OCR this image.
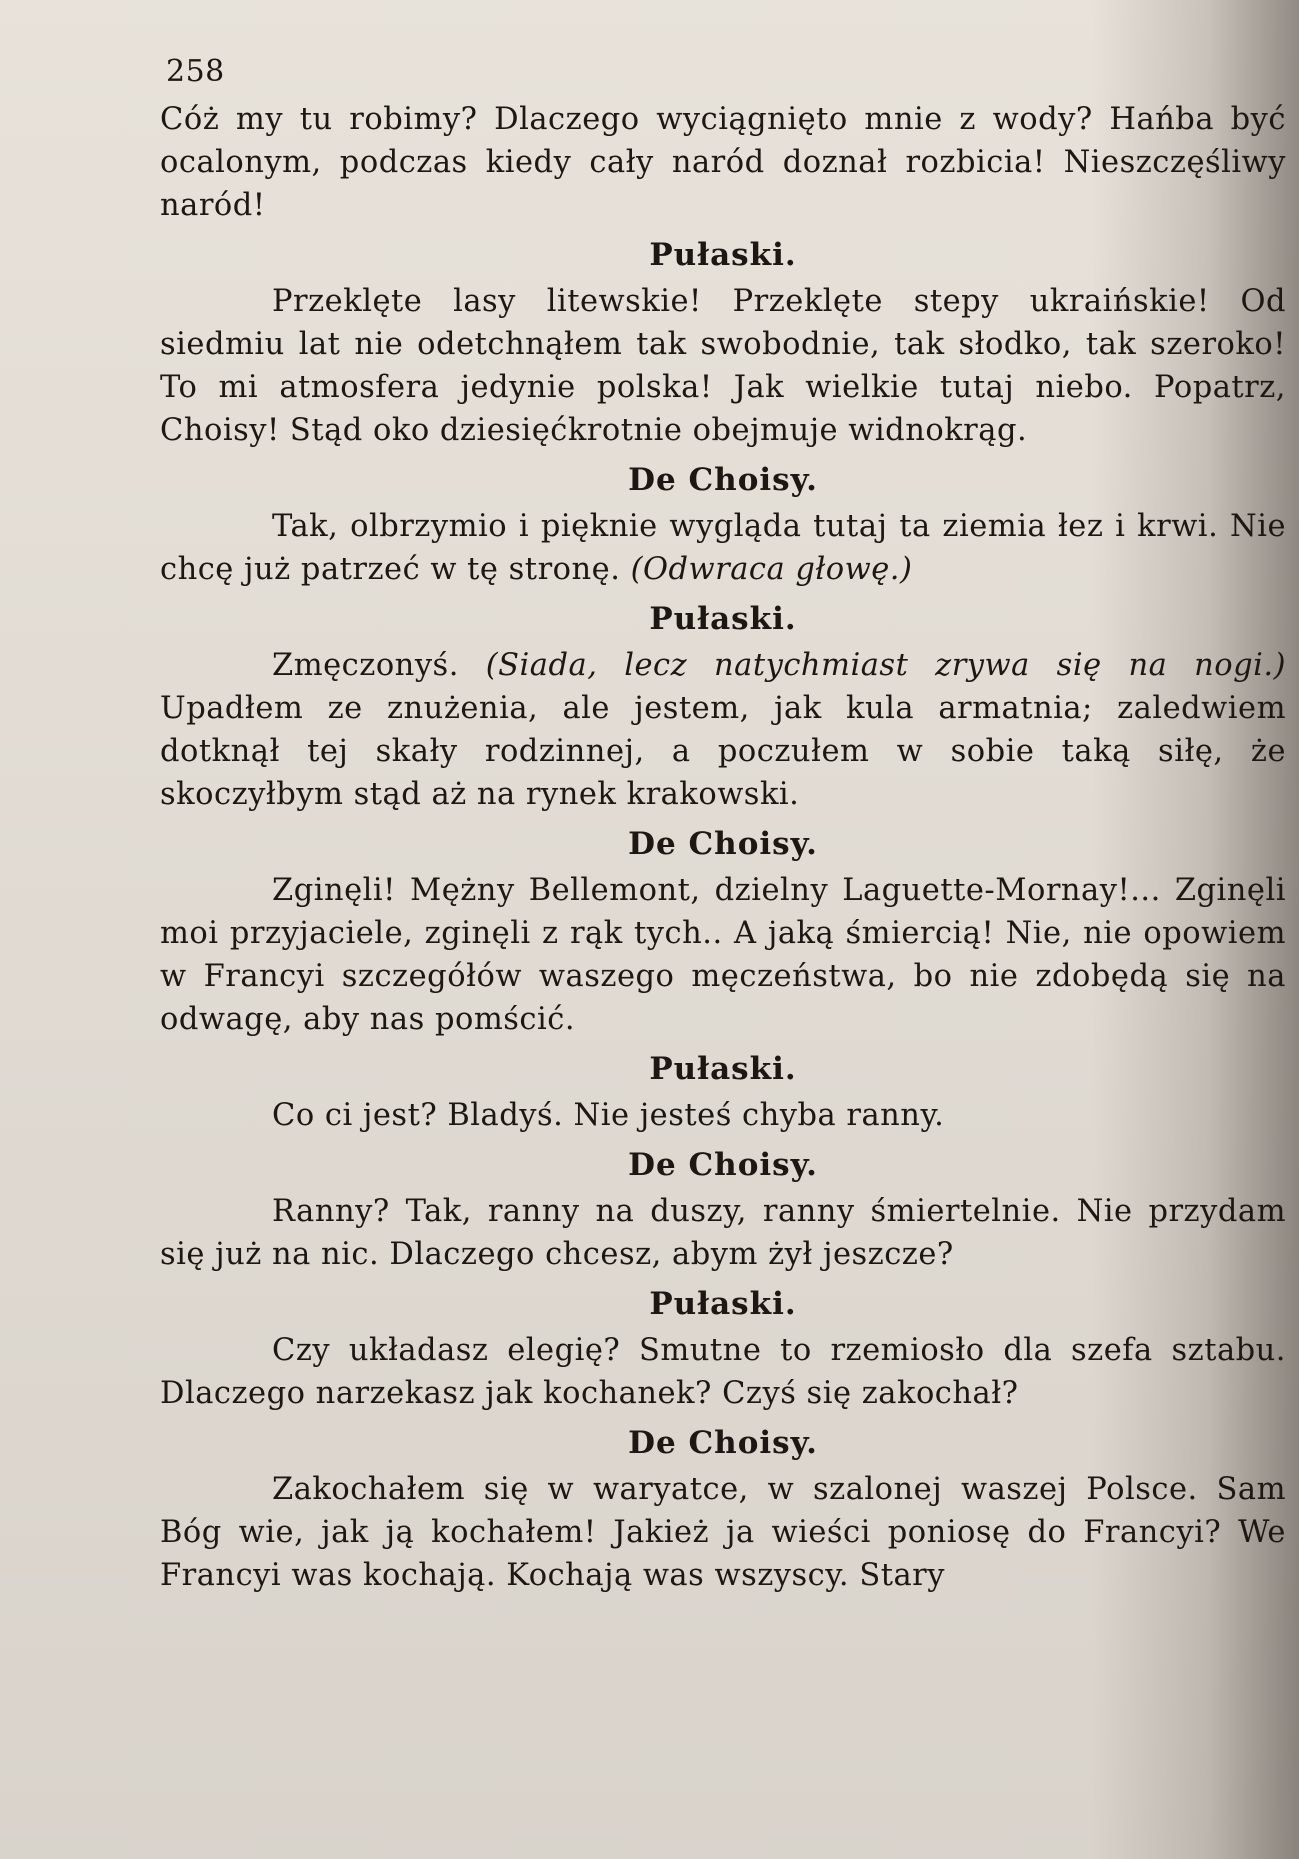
258

Cóż my tu robimy? Dlaczego wyciągnięto mnie z wody? Hańba być ocalonym, podczas kiedy cały naród doznał rozbicia! Nieszczęśliwy naród!

Pułaski.

Przeklęte lasy litewskie! Przeklęte stepy ukraińskie! Od siedmiu lat nie odetchnąłem tak swobodnie, tak słodko, tak szeroko! To mi atmosfera jedynie polska! Jak wielkie tutaj niebo. Popatrz, Choisy! Stąd oko dziesięćkrotnie obejmuje widnokrąg.

De Choisy.

Tak, olbrzymio i pięknie wygląda tutaj ta ziemia łez i krwi. Nie chcę już patrzeć w tę stronę. (Odwraca głowę.)

Pułaski.

Zmęczonyś. (Siada, lecz natychmiast zrywa się na nogi.) Upadłem ze znużenia, ale jestem, jak kula armatnia; zaledwiem dotknął tej skały rodzinnej, a poczułem w sobie taką siłę, że skoczyłbym stąd aż na rynek krakowski.

De Choisy.

Zginęli! Mężny Bellemont, dzielny Laguette-Mornay!... Zginęli moi przyjaciele, zginęli z rąk tych.. A jaką śmiercią! Nie, nie opowiem w Francyi szczegółów waszego męczeństwa, bo nie zdobędą się na odwagę, aby nas pomścić.

Pułaski.

Co ci jest? Bladyś. Nie jesteś chyba ranny.

De Choisy.

Ranny? Tak, ranny na duszy, ranny śmiertelnie. Nie przydam się już na nic. Dlaczego chcesz, abym żył jeszcze?

Pułaski.

Czy układasz elegię? Smutne to rzemiosło dla szefa sztabu. Dlaczego narzekasz jak kochanek? Czyś się zakochał?

De Choisy.

Zakochałem się w waryatce, w szalonej waszej Polsce. Sam Bóg wie, jak ją kochałem! Jakież ja wieści poniosę do Francyi? We Francyi was kochają. Kochają was wszyscy. Stary
